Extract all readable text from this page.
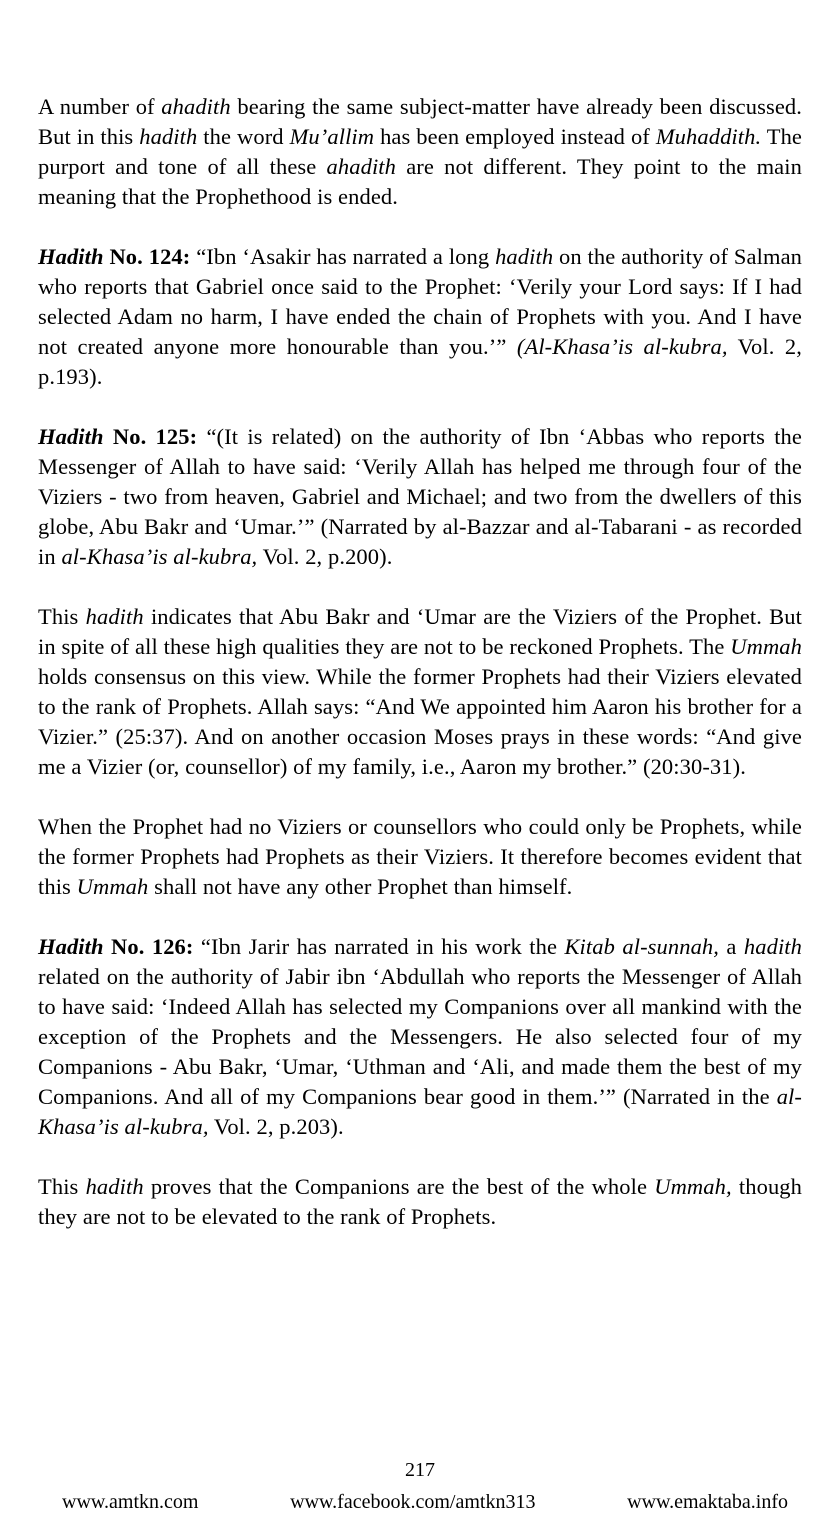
A number of ahadith bearing the same subject-matter have already been discussed. But in this hadith the word Mu’allim has been employed instead of Muhaddith. The purport and tone of all these ahadith are not different. They point to the main meaning that the Prophethood is ended.

Hadith No. 124: “Ibn ‘Asakir has narrated a long hadith on the authority of Salman who reports that Gabriel once said to the Prophet: ‘Verily your Lord says: If I had selected Adam no harm, I have ended the chain of Prophets with you. And I have not created anyone more honourable than you.’” (Al-Khasa’is al-kubra, Vol. 2, p.193).

Hadith No. 125: “(It is related) on the authority of Ibn ‘Abbas who reports the Messenger of Allah to have said: ‘Verily Allah has helped me through four of the Viziers - two from heaven, Gabriel and Michael; and two from the dwellers of this globe, Abu Bakr and ‘Umar.’” (Narrated by al-Bazzar and al-Tabarani - as recorded in al-Khasa’is al-kubra, Vol. 2, p.200).

This hadith indicates that Abu Bakr and ‘Umar are the Viziers of the Prophet. But in spite of all these high qualities they are not to be reckoned Prophets. The Ummah holds consensus on this view. While the former Prophets had their Viziers elevated to the rank of Prophets. Allah says: “And We appointed him Aaron his brother for a Vizier.” (25:37). And on another occasion Moses prays in these words: “And give me a Vizier (or, counsellor) of my family, i.e., Aaron my brother.” (20:30-31).

When the Prophet had no Viziers or counsellors who could only be Prophets, while the former Prophets had Prophets as their Viziers. It therefore becomes evident that this Ummah shall not have any other Prophet than himself.

Hadith No. 126: “Ibn Jarir has narrated in his work the Kitab al-sunnah, a hadith related on the authority of Jabir ibn ‘Abdullah who reports the Messenger of Allah to have said: ‘Indeed Allah has selected my Companions over all mankind with the exception of the Prophets and the Messengers. He also selected four of my Companions - Abu Bakr, ‘Umar, ‘Uthman and ‘Ali, and made them the best of my Companions. And all of my Companions bear good in them.’” (Narrated in the al-Khasa’is al-kubra, Vol. 2, p.203).

This hadith proves that the Companions are the best of the whole Ummah, though they are not to be elevated to the rank of Prophets.

217
www.amtkn.com	www.facebook.com/amtkn313	www.emaktaba.info
